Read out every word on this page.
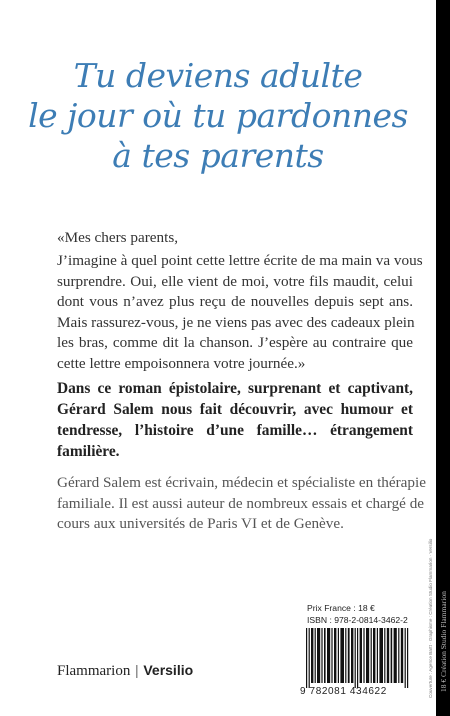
Tu deviens adulte
le jour où tu pardonnes
à tes parents
«Mes chers parents,
J’imagine à quel point cette lettre écrite de ma main va vous
surprendre. Oui, elle vient de moi, votre fils maudit, celui
dont vous n’avez plus reçu de nouvelles depuis sept ans.
Mais rassurez-vous, je ne viens pas avec des cadeaux plein
les bras, comme dit la chanson. J’espère au contraire que
cette lettre empoisonnera votre journée.»
Dans ce roman épistolaire, surprenant et captivant,
Gérard Salem nous fait découvrir, avec humour et
tendresse, l’histoire d’une famille… étrangement
familière.
Gérard Salem est écrivain, médecin et spécialiste en thérapie
familiale. Il est aussi auteur de nombreux essais et chargé de
cours aux universités de Paris VI et de Genève.
Couverture : Agence Bartt · Graphisme : Création Studio Flammarion · Versilio
Prix France : 18 €
ISBN : 978-2-0814-3462-2
9 782081 434622
Flammarion | Versilio	18 € Création Studio Flammarion
